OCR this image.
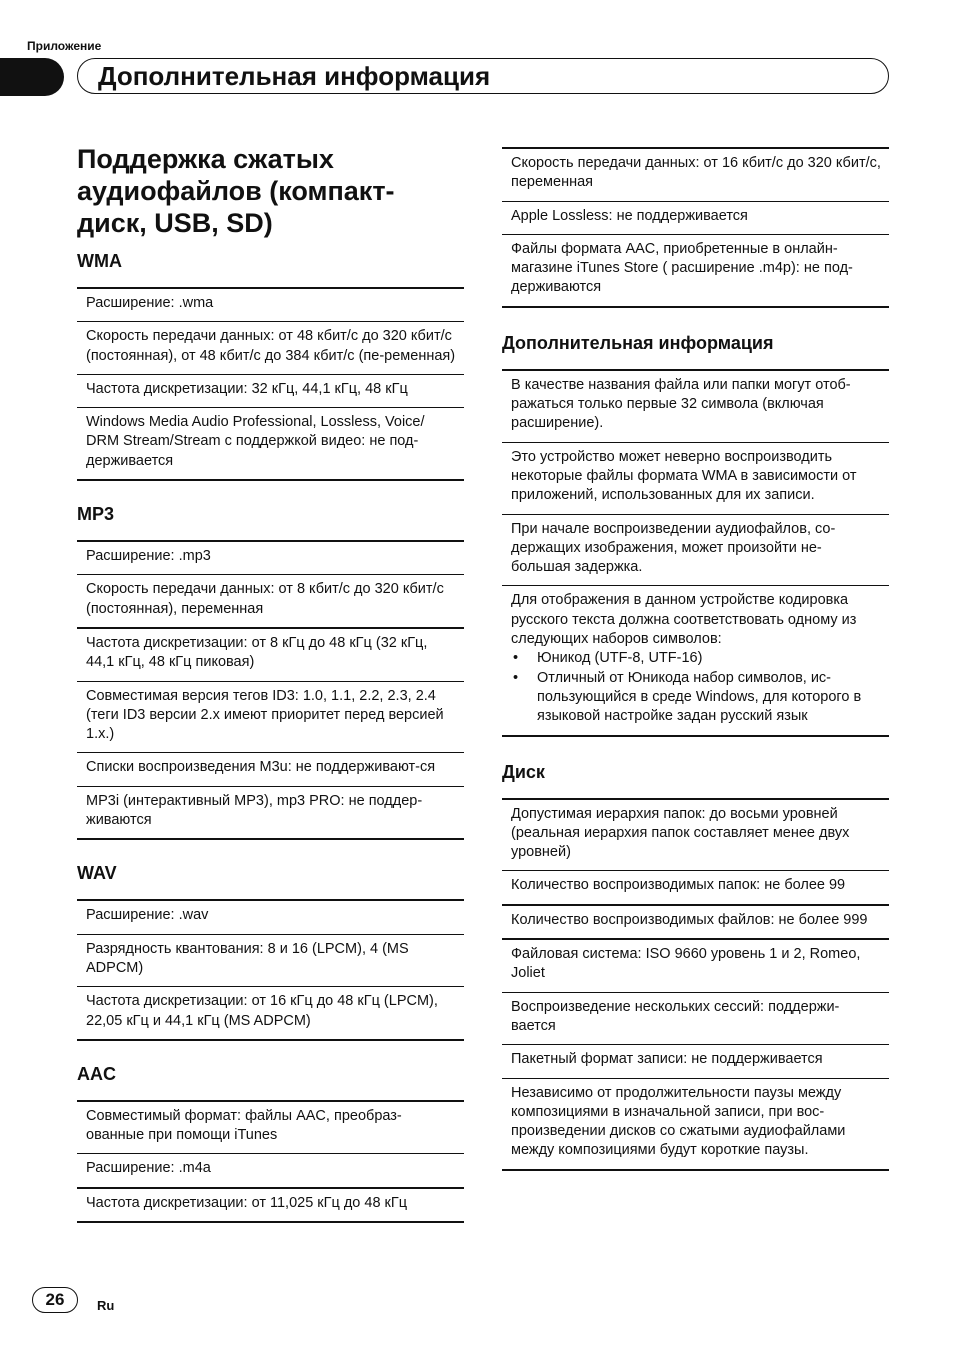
Приложение
Дополнительная информация
Поддержка сжатых аудиофайлов (компакт-диск, USB, SD)
WMA
Расширение: .wma
Скорость передачи данных: от 48 кбит/с до 320 кбит/с (постоянная), от 48 кбит/с до 384 кбит/с (пе-ременная)
Частота дискретизации: 32 кГц, 44,1 кГц, 48 кГц
Windows Media Audio Professional, Lossless, Voice/ DRM Stream/Stream с поддержкой видео: не под-держивается
MP3
Расширение: .mp3
Скорость передачи данных: от 8 кбит/с до 320 кбит/с (постоянная), переменная
Частота дискретизации: от 8 кГц до 48 кГц (32 кГц, 44,1 кГц, 48 кГц пиковая)
Совместимая версия тегов ID3: 1.0, 1.1, 2.2, 2.3, 2.4 (теги ID3 версии 2.x имеют приоритет перед версией 1.x.)
Списки воспроизведения M3u: не поддерживают-ся
MP3i (интерактивный MP3), mp3 PRO: не поддер-живаются
WAV
Расширение: .wav
Разрядность квантования: 8 и 16 (LPCM), 4 (MS ADPCM)
Частота дискретизации: от 16 кГц до 48 кГц (LPCM), 22,05 кГц и 44,1 кГц (MS ADPCM)
AAC
Совместимый формат: файлы AAC, преобраз-ованные при помощи iTunes
Расширение: .m4a
Частота дискретизации: от 11,025 кГц до 48 кГц
Скорость передачи данных: от 16 кбит/с до 320 кбит/с, переменная
Apple Lossless: не поддерживается
Файлы формата AAC, приобретенные в онлайн-магазине iTunes Store ( расширение .m4p): не под-держиваются
Дополнительная информация
В качестве названия файла или папки могут отоб-ражаться только первые 32 символа (включая расширение).
Это устройство может неверно воспроизводить некоторые файлы формата WMA в зависимости от приложений, использованных для их записи.
При начале воспроизведении аудиофайлов, со-держащих изображения, может произойти не-большая задержка.

Для отображения в данном устройстве кодировка русского текста должна соответствовать одному из следующих наборов символов:
• Юникод (UTF-8, UTF-16)
• Отличный от Юникода набор символов, ис-пользующийся в среде Windows, для которого в языковой настройке задан русский язык
Диск
Допустимая иерархия папок: до восьми уровней (реальная иерархия папок составляет менее двух уровней)
Количество воспроизводимых папок: не более 99
Количество воспроизводимых файлов: не более 999
Файловая система: ISO 9660 уровень 1 и 2, Romeo, Joliet
Воспроизведение нескольких сессий: поддержи-вается
Пакетный формат записи: не поддерживается
Независимо от продолжительности паузы между композициями в изначальной записи, при вос-произведении дисков со сжатыми аудиофайлами между композициями будут короткие паузы.
26	Ru
